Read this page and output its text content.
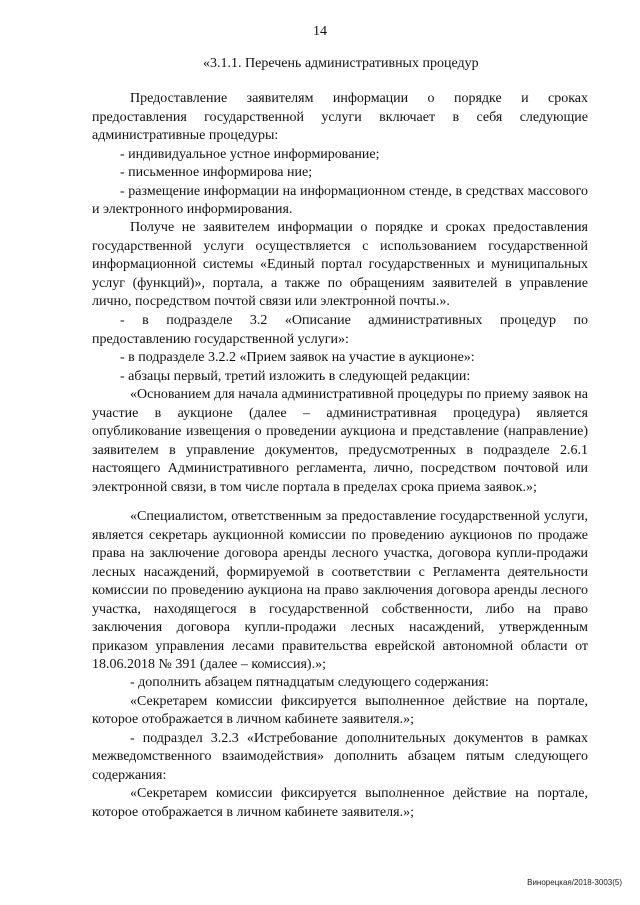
14
«3.1.1. Перечень административных процедур

Предоставление заявителям информации о порядке и сроках предоставления государственной услуги включает в себя следующие административные процедуры:

- индивидуальное устное информирование;

- письменное информирова ние;

- размещение информации на информационном стенде, в средствах массового и электронного информирования.

Получе не заявителем информации о порядке и сроках предоставления государственной услуги осуществляется с использованием государственной информационной системы «Единый портал государственных и муниципальных услуг (функций)», портала, а также по обращениям заявителей в управление лично, посредством почтой связи или электронной почты.».

- в подразделе 3.2 «Описание административных процедур по предоставлению государственной услуги»:

- в подразделе 3.2.2 «Прием заявок на участие в аукционе»:

- абзацы первый, третий изложить в следующей редакции:

«Основанием для начала административной процедуры по приему заявок на участие в аукционе (далее – административная процедура) является опубликование извещения о проведении аукциона и представление (направление) заявителем в управление документов, предусмотренных в подразделе 2.6.1 настоящего Административного регламента, лично, посредством почтовой или электронной связи, в том числе портала в пределах срока приема заявок.»;

«Специалистом, ответственным за предоставление государственной услуги, является секретарь аукционной комиссии по проведению аукционов по продаже права на заключение договора аренды лесного участка, договора купли-продажи лесных насаждений, формируемой в соответствии с Регламента деятельности комиссии по проведению аукциона на право заключения договора аренды лесного участка, находящегося в государственной собственности, либо на право заключения договора купли-продажи лесных насаждений, утвержденным приказом управления лесами правительства еврейской автономной области от 18.06.2018 № 391 (далее – комиссия).»;

- дополнить абзацем пятнадцатым следующего содержания:

«Секретарем комиссии фиксируется выполненное действие на портале, которое отображается в личном кабинете заявителя.»;

- подраздел 3.2.3 «Истребование дополнительных документов в рамках межведомственного взаимодействия» дополнить абзацем пятым следующего содержания:

«Секретарем комиссии фиксируется выполненное действие на портале, которое отображается в личном кабинете заявителя.»;

Винорецкая/2018-3003(5)
